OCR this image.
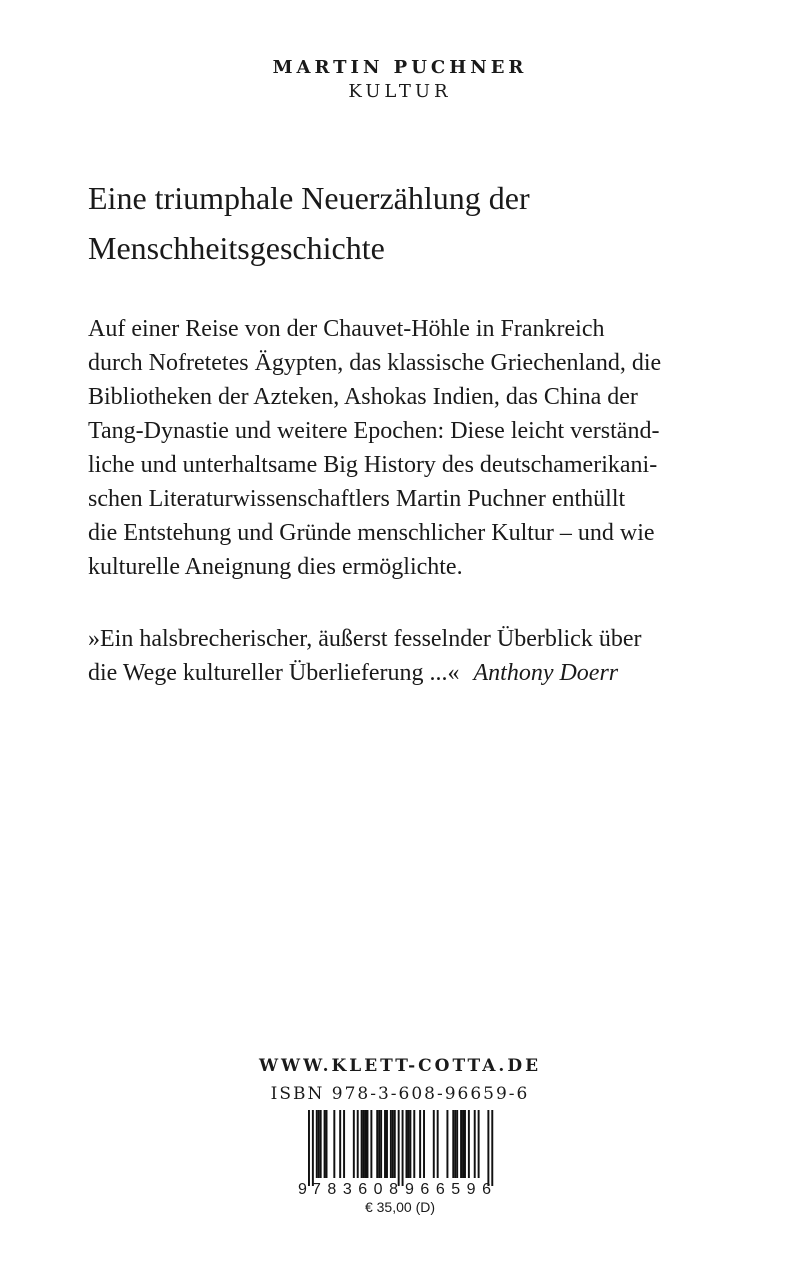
MARTIN PUCHNER
KULTUR
Eine triumphale Neuerzählung der
Menschheitsgeschichte
Auf einer Reise von der Chauvet-Höhle in Frankreich
durch Nofretetes Ägypten, das klassische Griechenland, die
Bibliotheken der Azteken, Ashokas Indien, das China der
Tang-Dynastie und weitere Epochen: Diese leicht verständ-
liche und unterhaltsame Big History des deutschamerikani-
schen Literaturwissenschaftlers Martin Puchner enthüllt
die Entstehung und Gründe menschlicher Kultur – und wie
kulturelle Aneignung dies ermöglichte.
»Ein halsbrecherischer, äußerst fesselnder Überblick über
die Wege kultureller Überlieferung ...« Anthony Doerr
WWW.KLETT-COTTA.DE
ISBN 978-3-608-96659-6
9 783608 966596
€ 35,00 (D)
